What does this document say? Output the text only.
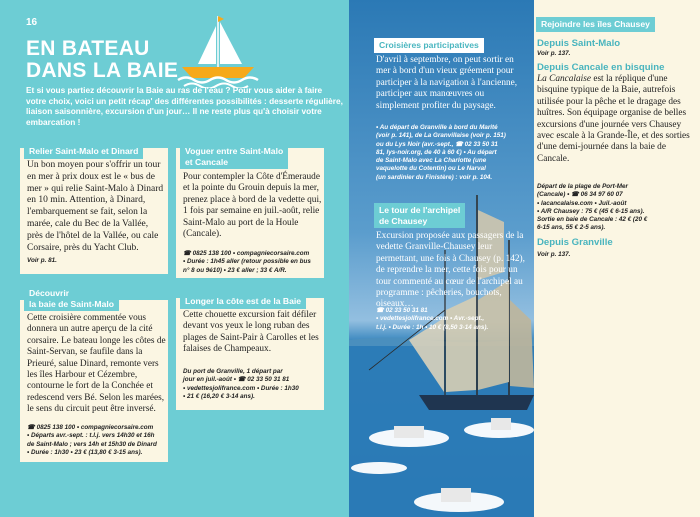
16
EN BATEAU
DANS LA BAIE
Et si vous partiez découvrir la Baie au ras de l'eau ? Pour vous aider à faire votre choix, voici un petit récap' des différentes possibilités : desserte régulière, liaison saisonnière, excursion d'un jour… Il ne reste plus qu'à choisir votre embarcation !
Relier Saint-Malo et Dinard
Un bon moyen pour s'offrir un tour en mer à prix doux est le « bus de mer » qui relie Saint-Malo à Dinard en 10 min. Attention, à Dinard, l'embarquement se fait, selon la marée, cale du Bec de la Vallée, près de l'hôtel de la Vallée, ou cale Corsaire, près du Yacht Club.
Voir p. 81.
Découvrir
la baie de Saint-Malo
Cette croisière commentée vous donnera un autre aperçu de la cité corsaire. Le bateau longe les côtes de Saint-Servan, se faufile dans la Prieuré, salue Dinard, remonte vers les îles Harbour et Cézembre, contourne le fort de la Conchée et redescend vers Bé. Selon les marées, le sens du circuit peut être inversé.
☎ 0825 138 100 • compagniecorsaire.com
• Départs avr.-sept. : t.l.j. vers 14h30 et 16h
de Saint-Malo ; vers 14h et 15h30 de Dinard
• Durée : 1h30 • 23 € (13,80 € 3-15 ans).
Voguer entre Saint-Malo
et Cancale
Pour contempler la Côte d'Émeraude et la pointe du Grouin depuis la mer, prenez place à bord de la vedette qui, 1 fois par semaine en juil.-août, relie Saint-Malo au port de la Houle (Cancale).
☎ 0825 138 100 • compagniecorsaire.com
• Durée : 1h45 aller (retour possible en bus
n° 8 ou 9é10) • 23 € aller ; 33 € A/R.
Longer la côte est de la Baie
Cette chouette excursion fait défiler devant vos yeux le long ruban des plages de Saint-Pair à Carolles et les falaises de Champeaux.
Du port de Granville, 1 départ par
jour en juil.-août • ☎ 02 33 50 31 81
• vedettesjolifrance.com • Durée : 1h30
• 21 € (16,20 € 3-14 ans).
Croisières participatives
D'avril à septembre, on peut sortir en mer à bord d'un vieux gréement pour participer à la navigation à l'ancienne, participer aux manœuvres ou simplement profiter du paysage.
• Au départ de Granville à bord du Marité
(voir p. 141), de La Granvillaise (voir p. 151)
ou du Lys Noir (avr.-sept., ☎ 02 33 50 31
81, lys-noir.org, de 40 à 60 €) • Au départ
de Saint-Malo avec La Charlotte (une
vaquelotte du Cotentin) ou Le Narval
(un sardinier du Finistère) : voir p. 104.
Le tour de l'archipel
de Chausey
Excursion proposée aux passagers de la vedette Granville-Chausey leur permettant, une fois à Chausey (p. 142), de reprendre la mer, cette fois pour un tour commenté au cœur de l'archipel au programme : pêcheries, bouchots, oiseaux…
☎ 02 33 50 31 81
• vedettesjolifrance.com • Avr.-sept.,
t.l.j. • Durée : 1h • 10 € (8,50 3-14 ans).
Rejoindre les îles Chausey
Depuis Saint-Malo
Voir p. 137.
Depuis Cancale en bisquine
La Cancalaise est la réplique d'une bisquine typique de la Baie, autrefois utilisée pour la pêche et le dragage des huîtres. Son équipage organise de belles excursions d'une journée vers Chausey avec escale à la Grande-Île, et des sorties d'une demi-journée dans la baie de Cancale.
Départ de la plage de Port-Mer
(Cancale) • ☎ 06 34 97 60 07
• lacancalaise.com • Juil.-août
• A/R Chausey : 75 € (45 € 6-15 ans).
Sortie en baie de Cancale : 42 € (20 €
6-15 ans, 55 € 2-5 ans).
Depuis Granville
Voir p. 137.
